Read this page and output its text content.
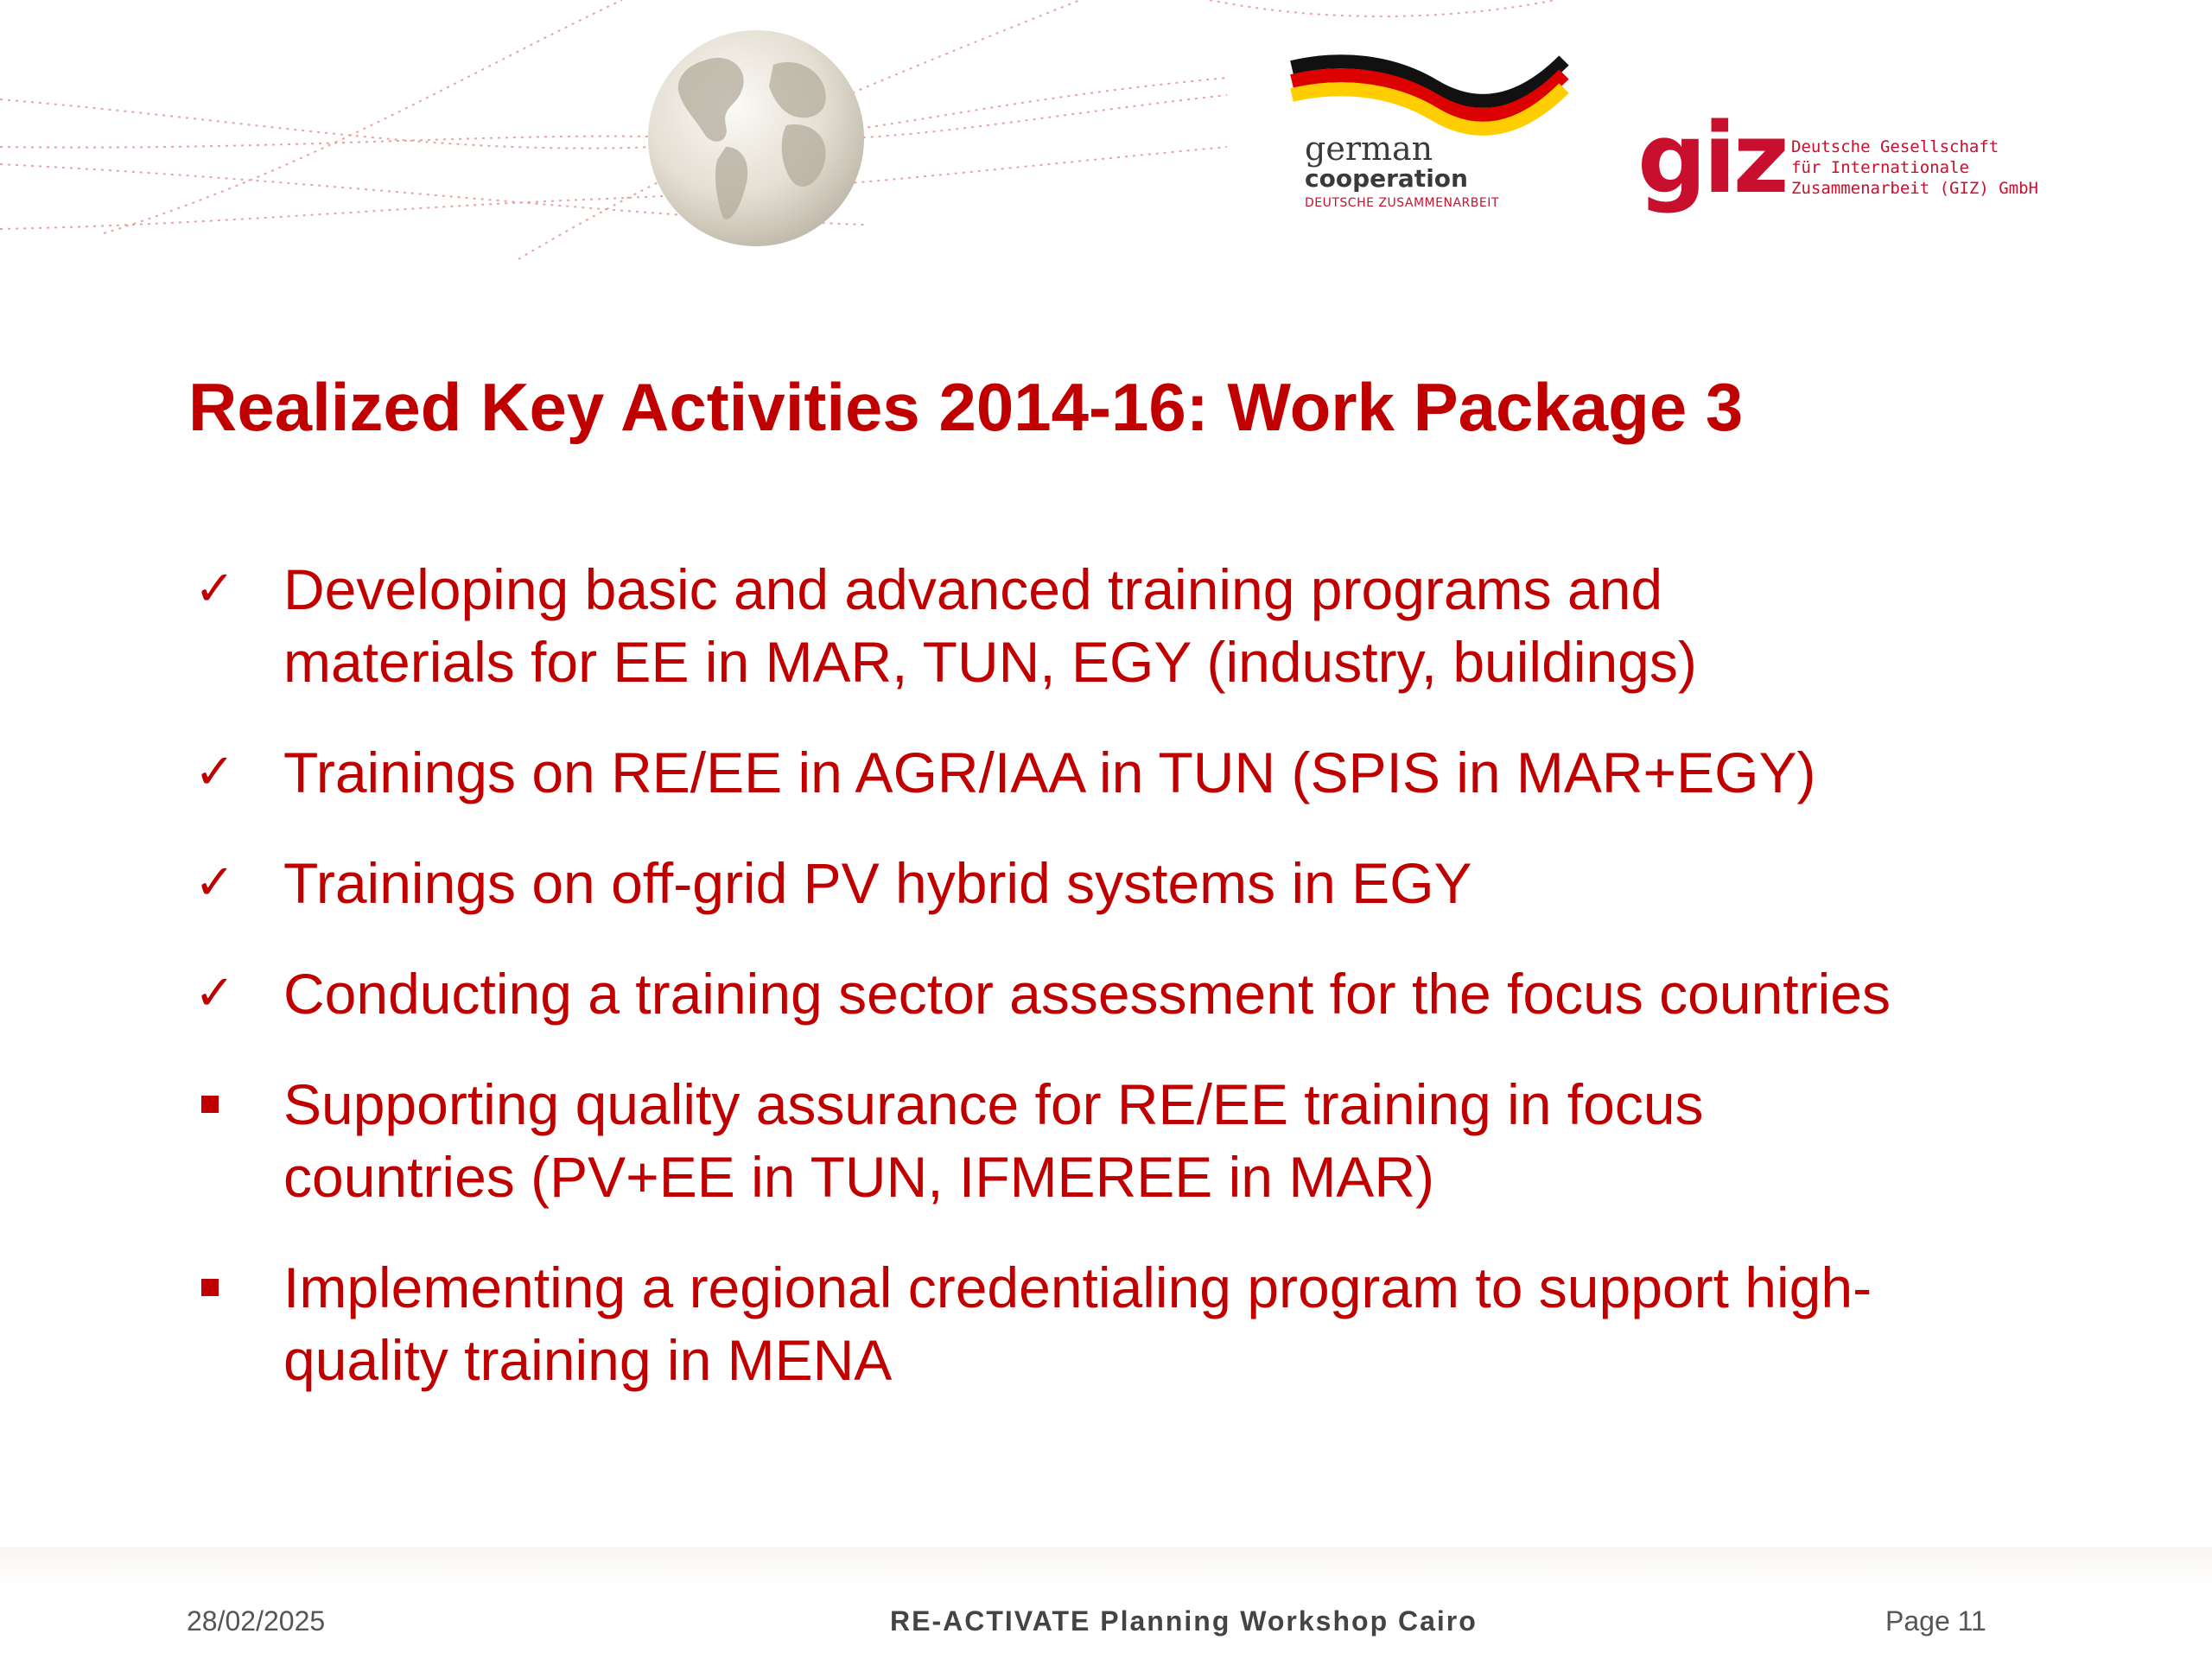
german
cooperation
DEUTSCHE ZUSAMMENARBEIT giz Deutsche Gesellschaft
für Internationale
Zusammenarbeit (GIZ) GmbH
Realized Key Activities 2014-16: Work Package 3
✓ Developing basic and advanced training programs and
materials for EE in MAR, TUN, EGY (industry, buildings)
✓ Trainings on RE/EE in AGR/IAA in TUN (SPIS in MAR+EGY)
✓ Trainings on off-grid PV hybrid systems in EGY
✓ Conducting a training sector assessment for the focus countries
Supporting quality assurance for RE/EE training in focus
countries (PV+EE in TUN, IFMEREE in MAR)
Implementing a regional credentialing program to support high-
quality training in MENA
28/02/2025	RE-ACTIVATE Planning Workshop Cairo	Page 11
